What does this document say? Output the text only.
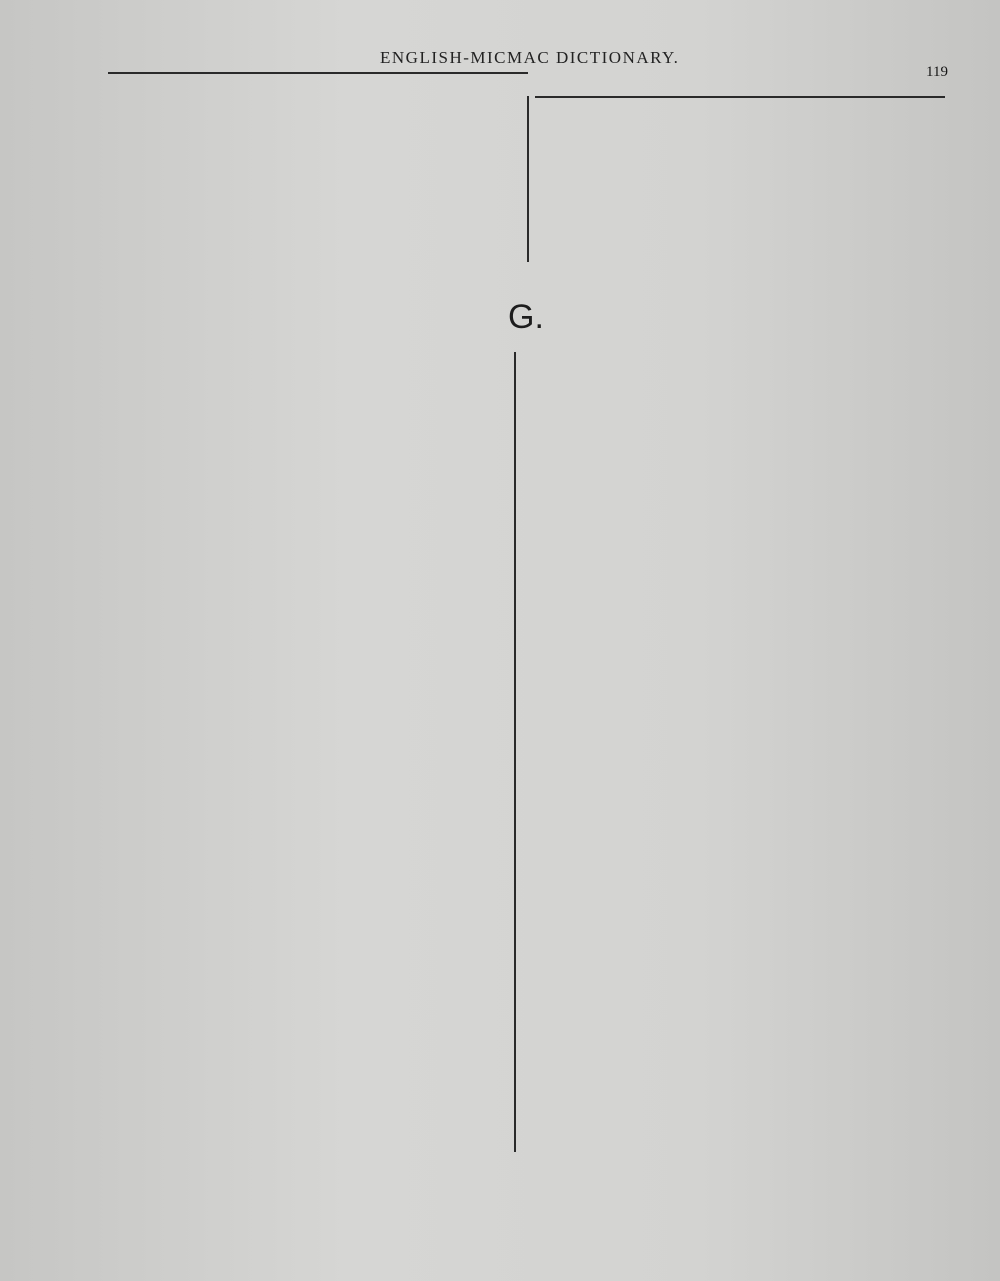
ENGLISH-MICMAC DICTIONARY.
119
G.
